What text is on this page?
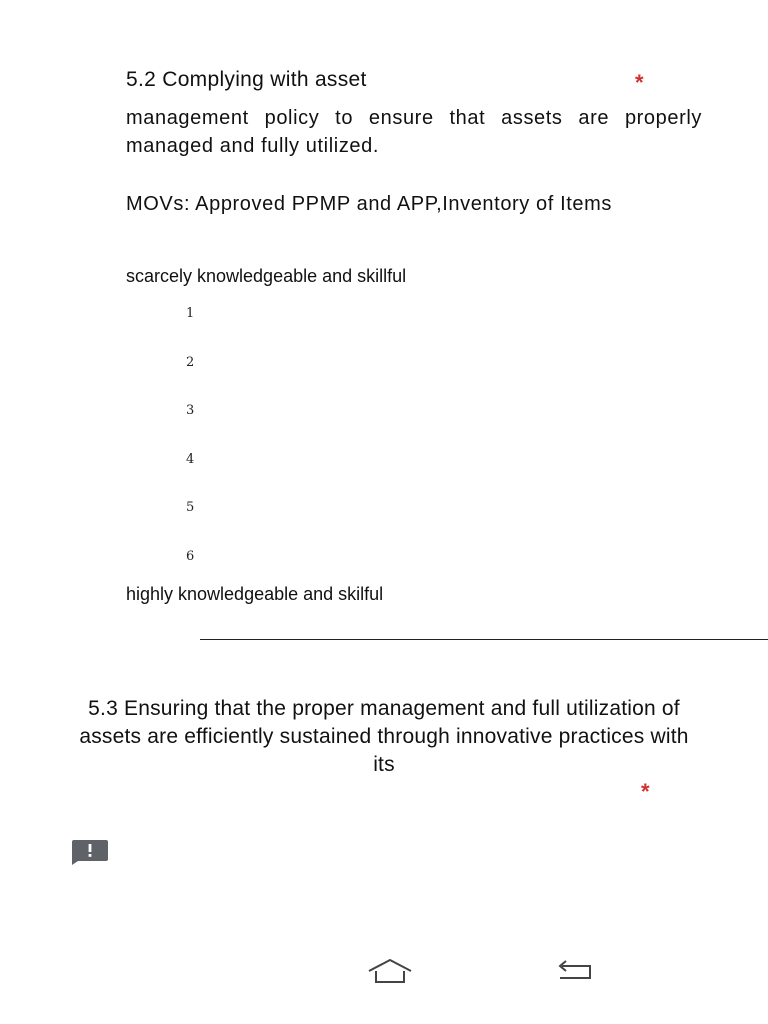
5.2 Complying with asset	*
management policy to ensure that assets are properly managed and fully utilized.
MOVs: Approved PPMP and APP,Inventory of Items
scarcely knowledgeable and skillful
1
2
3
4
5
6
highly knowledgeable and skilful
5.3 Ensuring that the proper management and full utilization of assets are efficiently sustained through innovative practices with its
*
